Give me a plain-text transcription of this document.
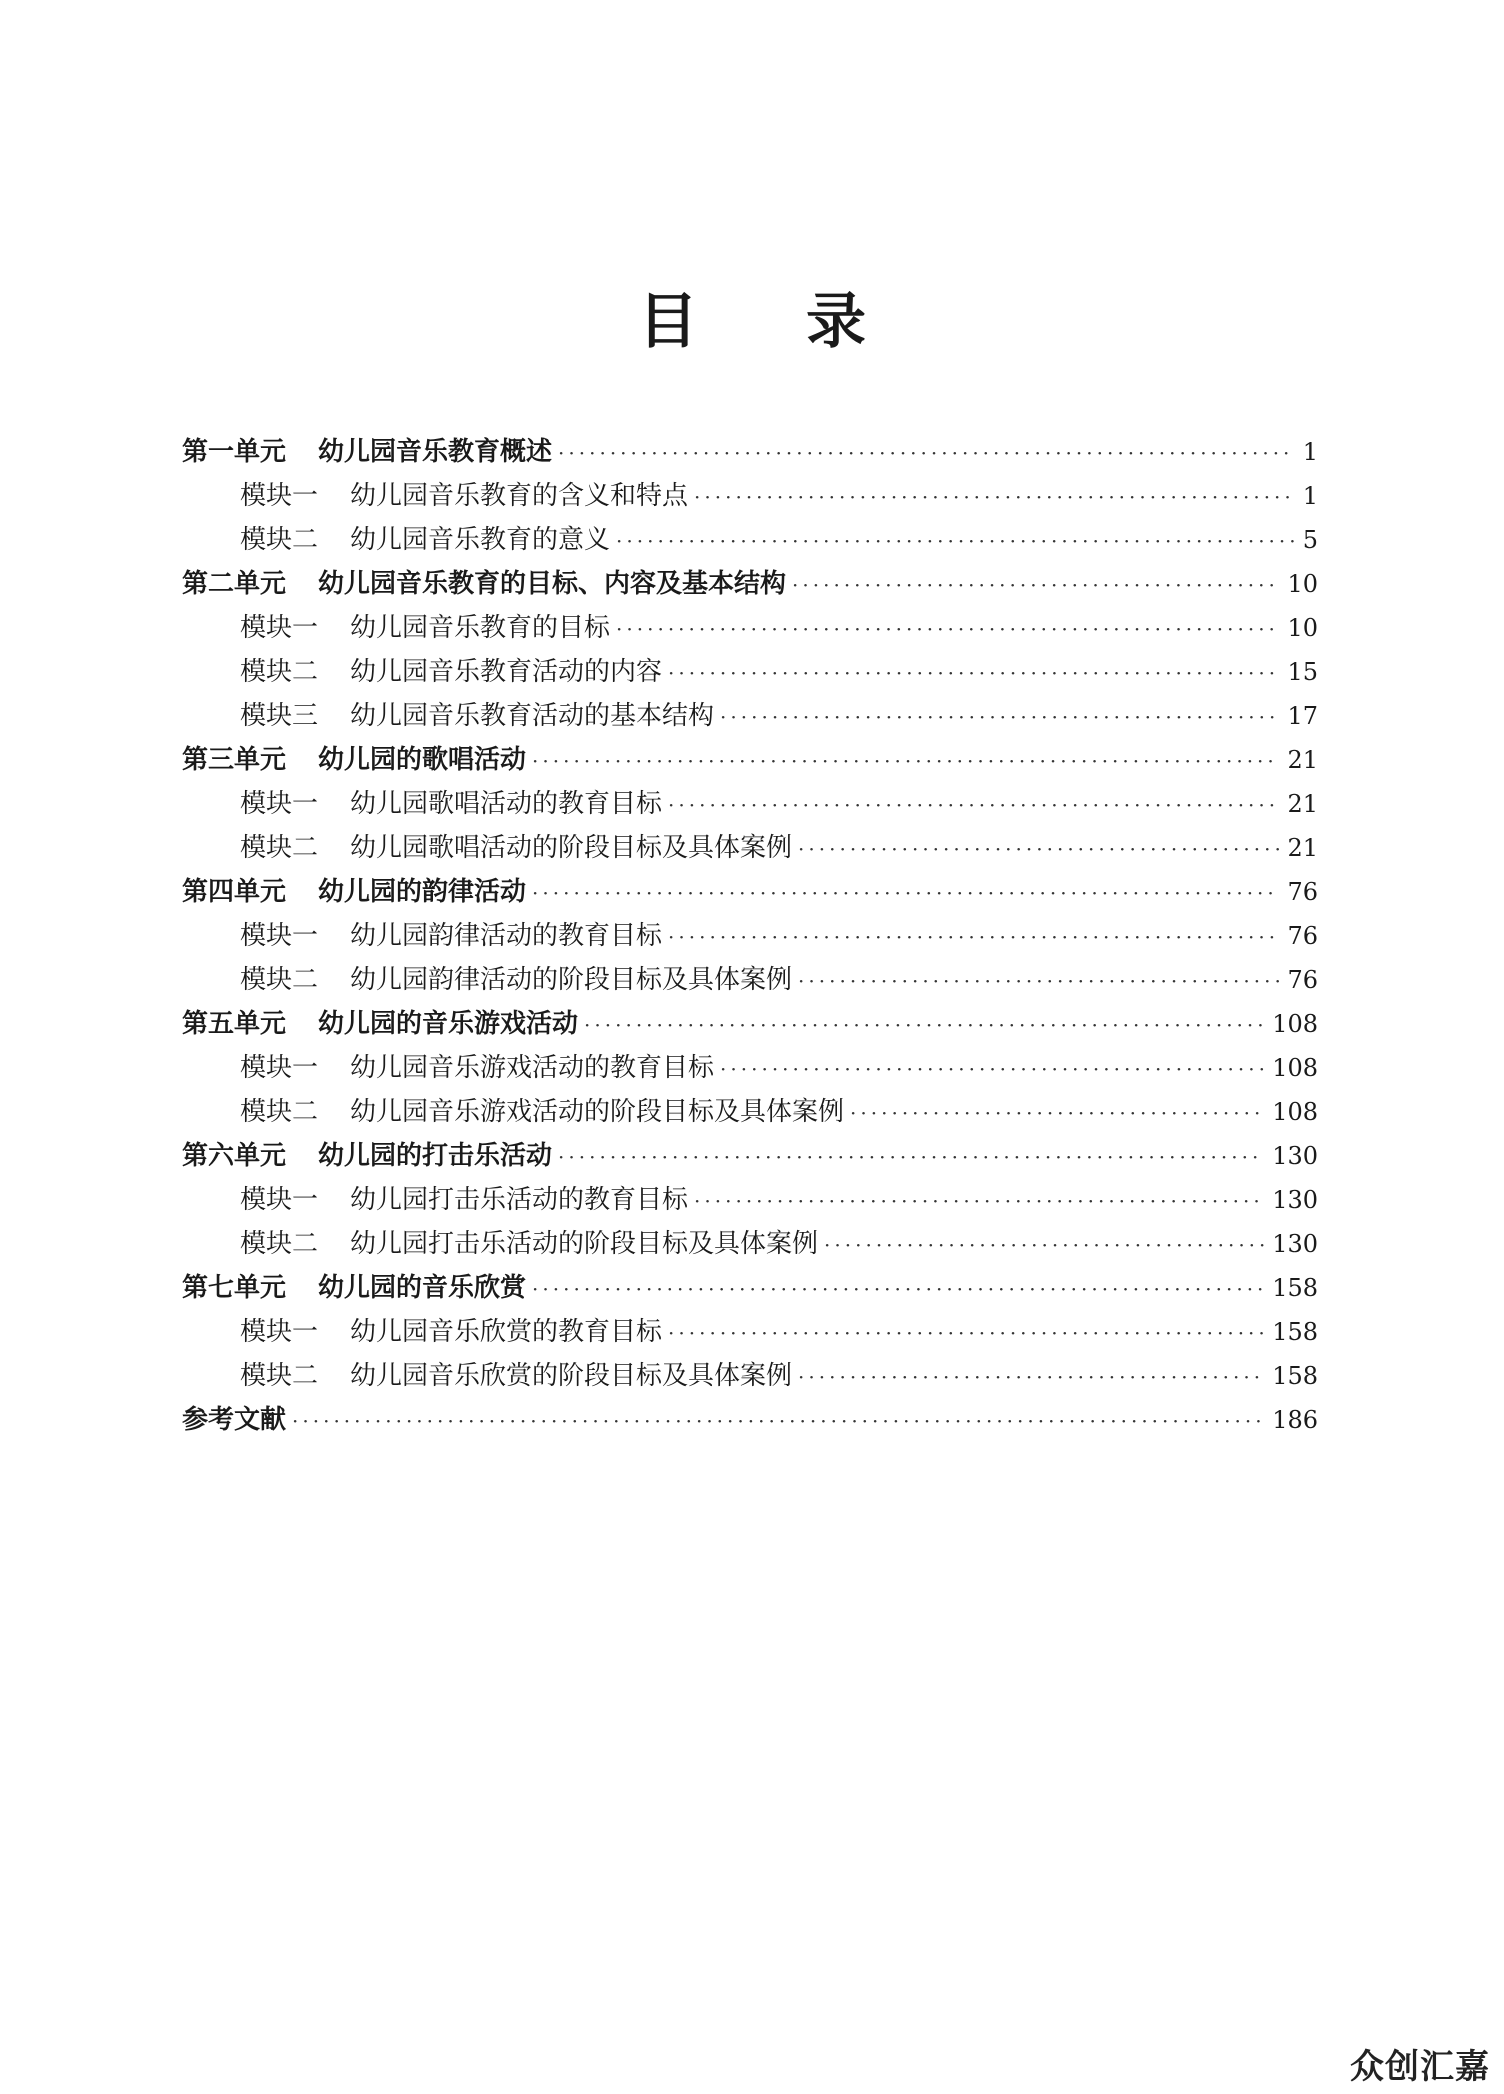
目 录
第一单元 幼儿园音乐教育概述 ·····	1
模块一 幼儿园音乐教育的含义和特点 ·····	1
模块二 幼儿园音乐教育的意义 ·····	5
第二单元 幼儿园音乐教育的目标、内容及基本结构 ·····	10
模块一 幼儿园音乐教育的目标 ·····	10
模块二 幼儿园音乐教育活动的内容 ·····	15
模块三 幼儿园音乐教育活动的基本结构 ·····	17
第三单元 幼儿园的歌唱活动 ·····	21
模块一 幼儿园歌唱活动的教育目标 ·····	21
模块二 幼儿园歌唱活动的阶段目标及具体案例 ·····	21
第四单元 幼儿园的韵律活动 ·····	76
模块一 幼儿园韵律活动的教育目标 ·····	76
模块二 幼儿园韵律活动的阶段目标及具体案例 ·····	76
第五单元 幼儿园的音乐游戏活动 ·····	108
模块一 幼儿园音乐游戏活动的教育目标 ·····	108
模块二 幼儿园音乐游戏活动的阶段目标及具体案例 ·····	108
第六单元 幼儿园的打击乐活动 ·····	130
模块一 幼儿园打击乐活动的教育目标 ·····	130
模块二 幼儿园打击乐活动的阶段目标及具体案例 ·····	130
第七单元 幼儿园的音乐欣赏 ·····	158
模块一 幼儿园音乐欣赏的教育目标 ·····	158
模块二 幼儿园音乐欣赏的阶段目标及具体案例 ·····	158
参考文献 ·····	186
众创汇嘉
